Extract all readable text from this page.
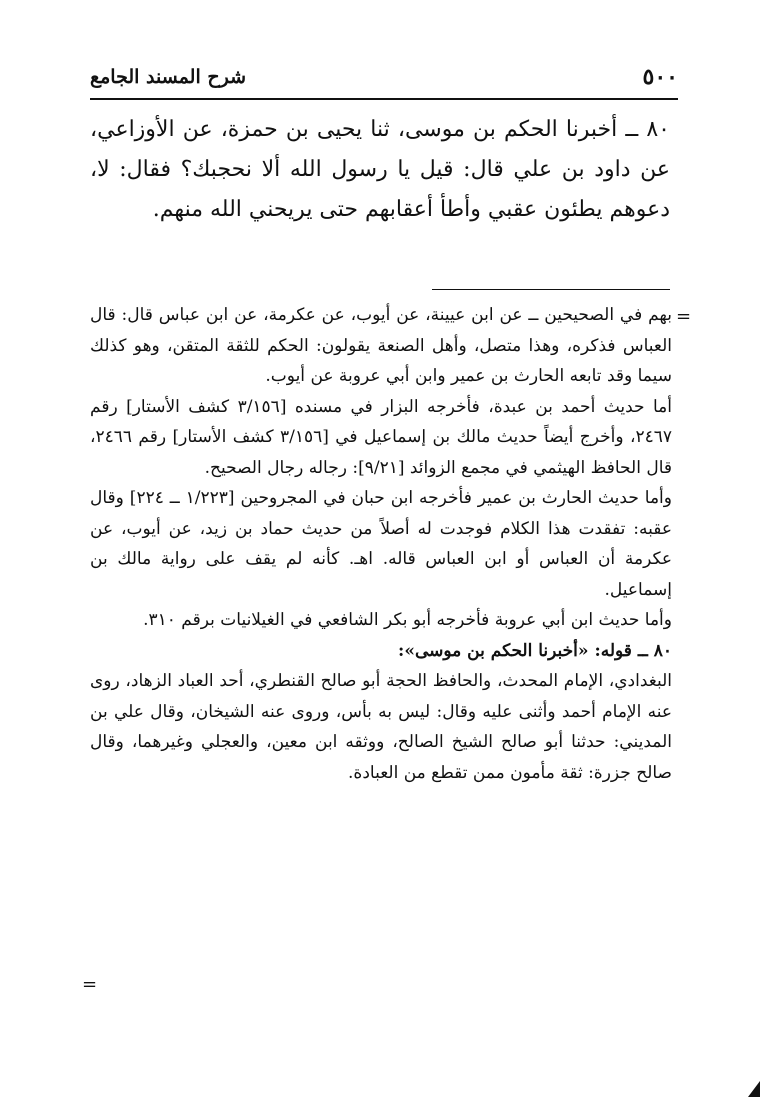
٥٠٠
شرح المسند الجامع

٨٠ ــ أخبرنا الحكم بن موسى، ثنا يحيى بن حمزة، عن الأوزاعي، عن داود بن علي قال: قيل يا رسول الله ألا نحجبك؟ فقال: لا، دعوهم يطئون عقبي وأطأ أعقابهم حتى يريحني الله منهم.

=

بهم في الصحيحين ــ عن ابن عيينة، عن أيوب، عن عكرمة، عن ابن عباس قال: قال العباس فذكره، وهذا متصل، وأهل الصنعة يقولون: الحكم للثقة المتقن، وهو كذلك سيما وقد تابعه الحارث بن عمير وابن أبي عروبة عن أيوب.

أما حديث أحمد بن عبدة، فأخرجه البزار في مسنده [٣/١٥٦ كشف الأستار] رقم ٢٤٦٧، وأخرج أيضاً حديث مالك بن إسماعيل في [٣/١٥٦ كشف الأستار] رقم ٢٤٦٦، قال الحافظ الهيثمي في مجمع الزوائد [٩/٢١]: رجاله رجال الصحيح.

وأما حديث الحارث بن عمير فأخرجه ابن حبان في المجروحين [١/٢٢٣ ــ ٢٢٤] وقال عقبه: تفقدت هذا الكلام فوجدت له أصلاً من حديث حماد بن زيد، عن أيوب، عن عكرمة أن العباس أو ابن العباس قاله. اهـ. كأنه لم يقف على رواية مالك بن إسماعيل.

وأما حديث ابن أبي عروبة فأخرجه أبو بكر الشافعي في الغيلانيات برقم ٣١٠.

٨٠ ــ قوله: «أخبرنا الحكم بن موسى»:

البغدادي، الإمام المحدث، والحافظ الحجة أبو صالح القنطري، أحد العباد الزهاد، روى عنه الإمام أحمد وأثنى عليه وقال: ليس به بأس، وروى عنه الشيخان، وقال علي بن المديني: حدثنا أبو صالح الشيخ الصالح، ووثقه ابن معين، والعجلي وغيرهما، وقال صالح جزرة: ثقة مأمون ممن تقطع من العبادة.

=
